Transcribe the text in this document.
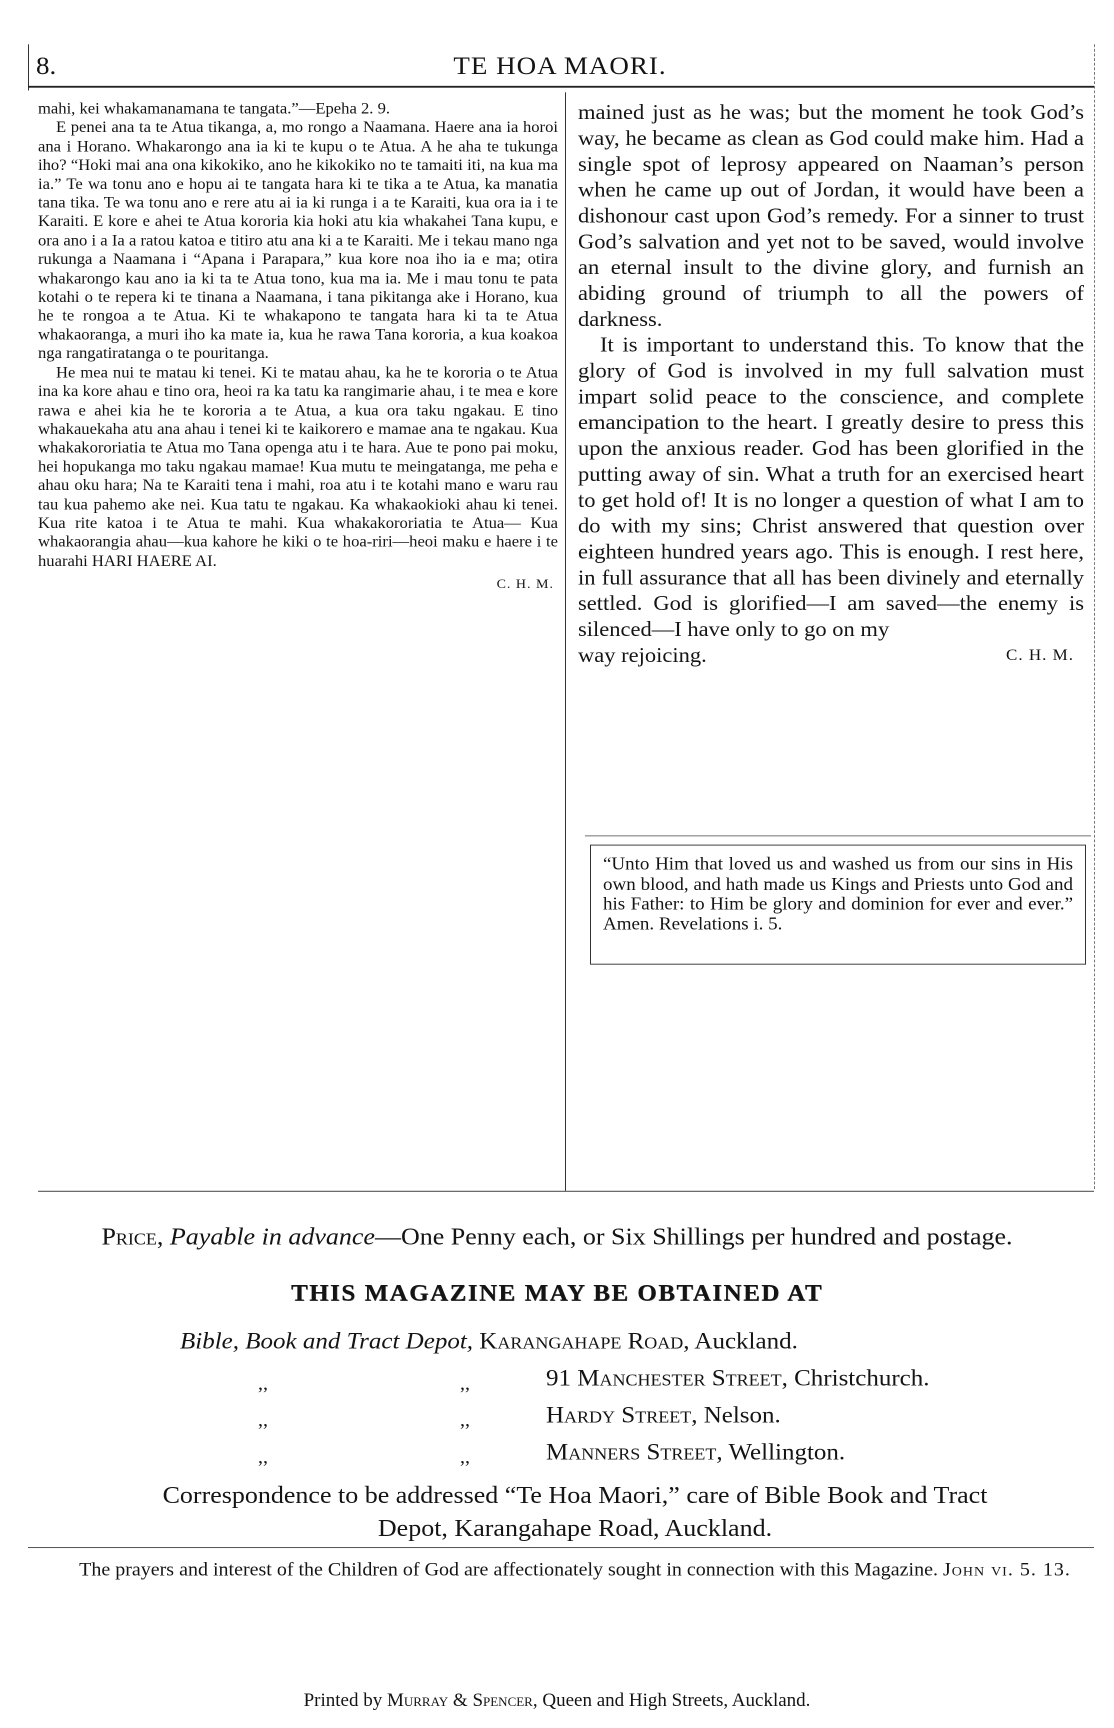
8.	TE HOA MAORI.

mahi, kei whakamanamana te tangata.”—Epeha 2. 9.

E penei ana ta te Atua tikanga, a, mo rongo a Naamana. Haere ana ia horoi ana i Horano. Whakarongo ana ia ki te kupu o te Atua. A he aha te tukunga iho? “Hoki mai ana ona kikokiko, ano he kikokiko no te tamaiti iti, na kua ma ia.” Te wa tonu ano e hopu ai te tangata hara ki te tika a te Atua, ka manatia tana tika. Te wa tonu ano e rere atu ai ia ki runga i a te Karaiti, kua ora ia i te Karaiti. E kore e ahei te Atua kororia kia hoki atu kia whakahei Tana kupu, e ora ano i a Ia a ratou katoa e titiro atu ana ki a te Karaiti. Me i tekau mano nga rukunga a Naamana i “Apana i Parapara,” kua kore noa iho ia e ma; otira whakarongo kau ano ia ki ta te Atua tono, kua ma ia. Me i mau tonu te pata kotahi o te repera ki te tinana a Naamana, i tana pikitanga ake i Horano, kua he te rongoa a te Atua. Ki te whakapono te tangata hara ki ta te Atua whakaoranga, a muri iho ka mate ia, kua he rawa Tana kororia, a kua koakoa nga rangatiratanga o te pouritanga.

He mea nui te matau ki tenei. Ki te matau ahau, ka he te kororia o te Atua ina ka kore ahau e tino ora, heoi ra ka tatu ka rangimarie ahau, i te mea e kore rawa e ahei kia he te kororia a te Atua, a kua ora taku ngakau. E tino whakauekaha atu ana ahau i tenei ki te kaikorero e mamae ana te ngakau. Kua whakakororiatia te Atua mo Tana openga atu i te hara. Aue te pono pai moku, hei hopukanga mo taku ngakau mamae! Kua mutu te meingatanga, me peha e ahau oku hara; Na te Karaiti tena i mahi, roa atu i te kotahi mano e waru rau tau kua pahemo ake nei. Kua tatu te ngakau. Ka whakaokioki ahau ki tenei. Kua rite katoa i te Atua te mahi. Kua whakakororiatia te Atua— Kua whakaorangia ahau—kua kahore he kiki o te hoa-riri—heoi maku e haere i te huarahi HARI HAERE AI.

C. H. M.

mained just as he was; but the moment he took God’s way, he became as clean as God could make him. Had a single spot of leprosy appeared on Naaman’s person when he came up out of Jordan, it would have been a dishonour cast upon God’s remedy. For a sinner to trust God’s salvation and yet not to be saved, would involve an eternal insult to the divine glory, and furnish an abiding ground of triumph to all the powers of darkness.

It is important to understand this. To know that the glory of God is involved in my full salvation must impart solid peace to the conscience, and complete emancipation to the heart. I greatly desire to press this upon the anxious reader. God has been glorified in the putting away of sin. What a truth for an exercised heart to get hold of! It is no longer a question of what I am to do with my sins; Christ answered that question over eighteen hundred years ago. This is enough. I rest here, in full assurance that all has been divinely and eternally settled. God is glorified—I am saved—the enemy is silenced—I have only to go on my

way rejoicing.	C. H. M.
“Unto Him that loved us and washed us from our sins in His own blood, and hath made us Kings and Priests unto God and his Father: to Him be glory and dominion for ever and ever.” Amen. Revelations i. 5.
Price, Payable in advance—One Penny each, or Six Shillings per hundred and postage.
THIS MAGAZINE MAY BE OBTAINED AT
Bible, Book and Tract Depot, Karangahape Road, Auckland.
,,	,,	91 Manchester Street, Christchurch.
,,	,,	Hardy Street, Nelson.
,,	,,	Manners Street, Wellington.
Correspondence to be addressed “Te Hoa Maori,” care of Bible Book and Tract
Depot, Karangahape Road, Auckland.
The prayers and interest of the Children of God are affectionately sought in connection with this Magazine. John vi. 5. 13.
Printed by Murray & Spencer, Queen and High Streets, Auckland.
